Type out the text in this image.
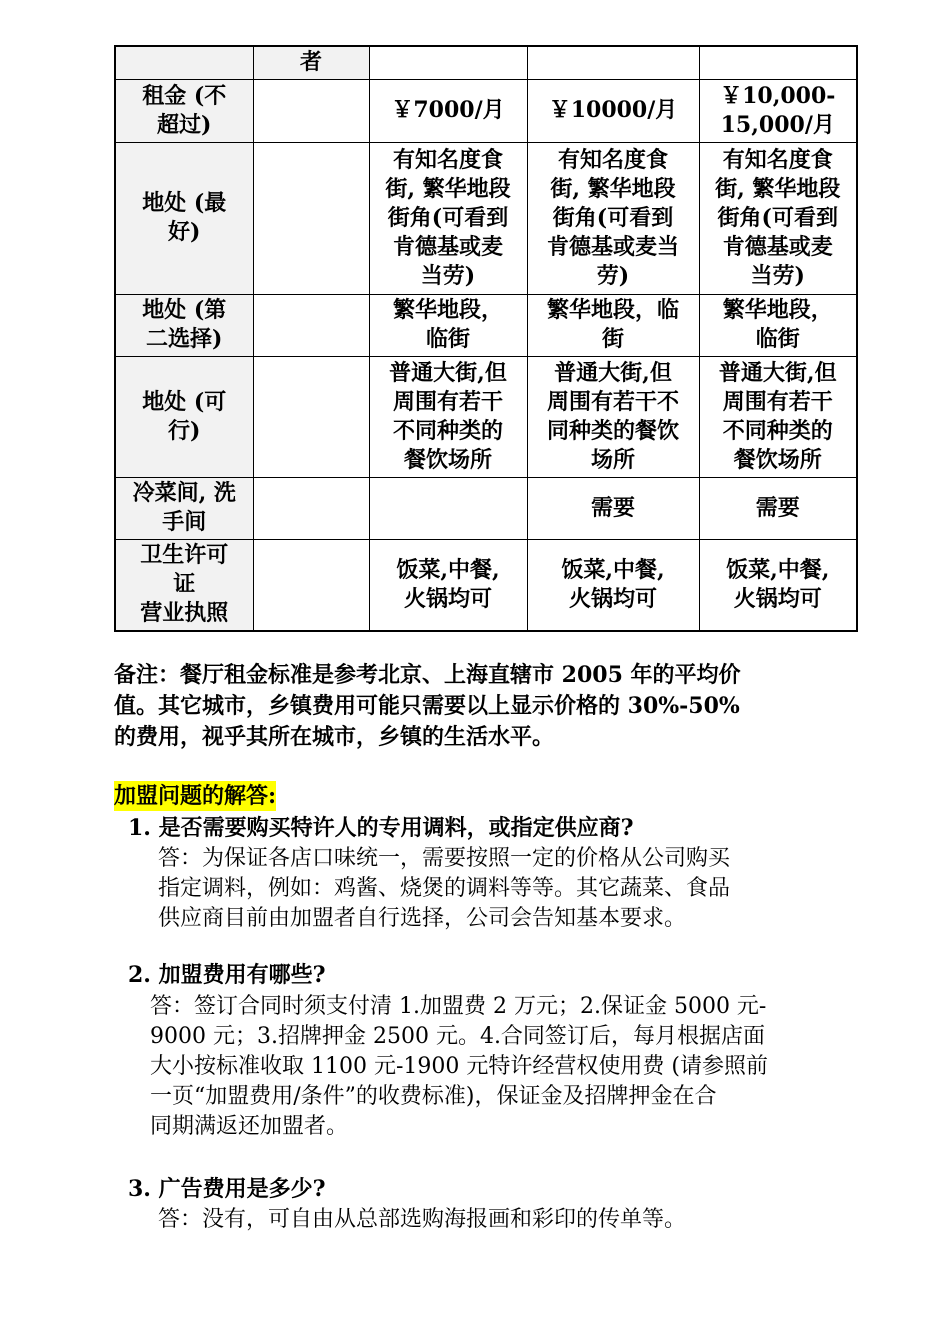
	者			
租金 (不
超过)		￥7000/月	￥10000/月	￥10,000-
15,000/月
地处 (最
好)		有知名度食
街, 繁华地段
街角(可看到
肯德基或麦
当劳)	有知名度食
街, 繁华地段
街角(可看到
肯德基或麦当
劳)	有知名度食
街, 繁华地段
街角(可看到
肯德基或麦
当劳)
地处 (第
二选择)		繁华地段，
临街	繁华地段，临
街	繁华地段，
临街
地处 (可
行)		普通大街,但
周围有若干
不同种类的
餐饮场所	普通大街,但
周围有若干不
同种类的餐饮
场所	普通大街,但
周围有若干
不同种类的
餐饮场所
冷菜间, 洗
手间			需要	需要
卫生许可
证
营业执照		饭菜,中餐,
火锅均可	饭菜,中餐,
火锅均可	饭菜,中餐,
火锅均可
备注：餐厅租金标准是参考北京、上海直辖市 2005 年的平均价
值。其它城市，乡镇费用可能只需要以上显示价格的 30%-50%
的费用，视乎其所在城市，乡镇的生活水平。
加盟问题的解答:
1. 是否需要购买特许人的专用调料，或指定供应商?
答：为保证各店口味统一，需要按照一定的价格从公司购买
指定调料，例如：鸡酱、烧煲的调料等等。其它蔬菜、食品
供应商目前由加盟者自行选择，公司会告知基本要求。
2. 加盟费用有哪些?
答：签订合同时须支付清 1.加盟费 2 万元；2.保证金 5000 元-
9000 元；3.招牌押金 2500 元。4.合同签订后，每月根据店面
大小按标准收取 1100 元-1900 元特许经营权使用费 (请参照前
一页“加盟费用/条件”的收费标准)，保证金及招牌押金在合
同期满返还加盟者。
3. 广告费用是多少?
答：没有，可自由从总部选购海报画和彩印的传单等。
